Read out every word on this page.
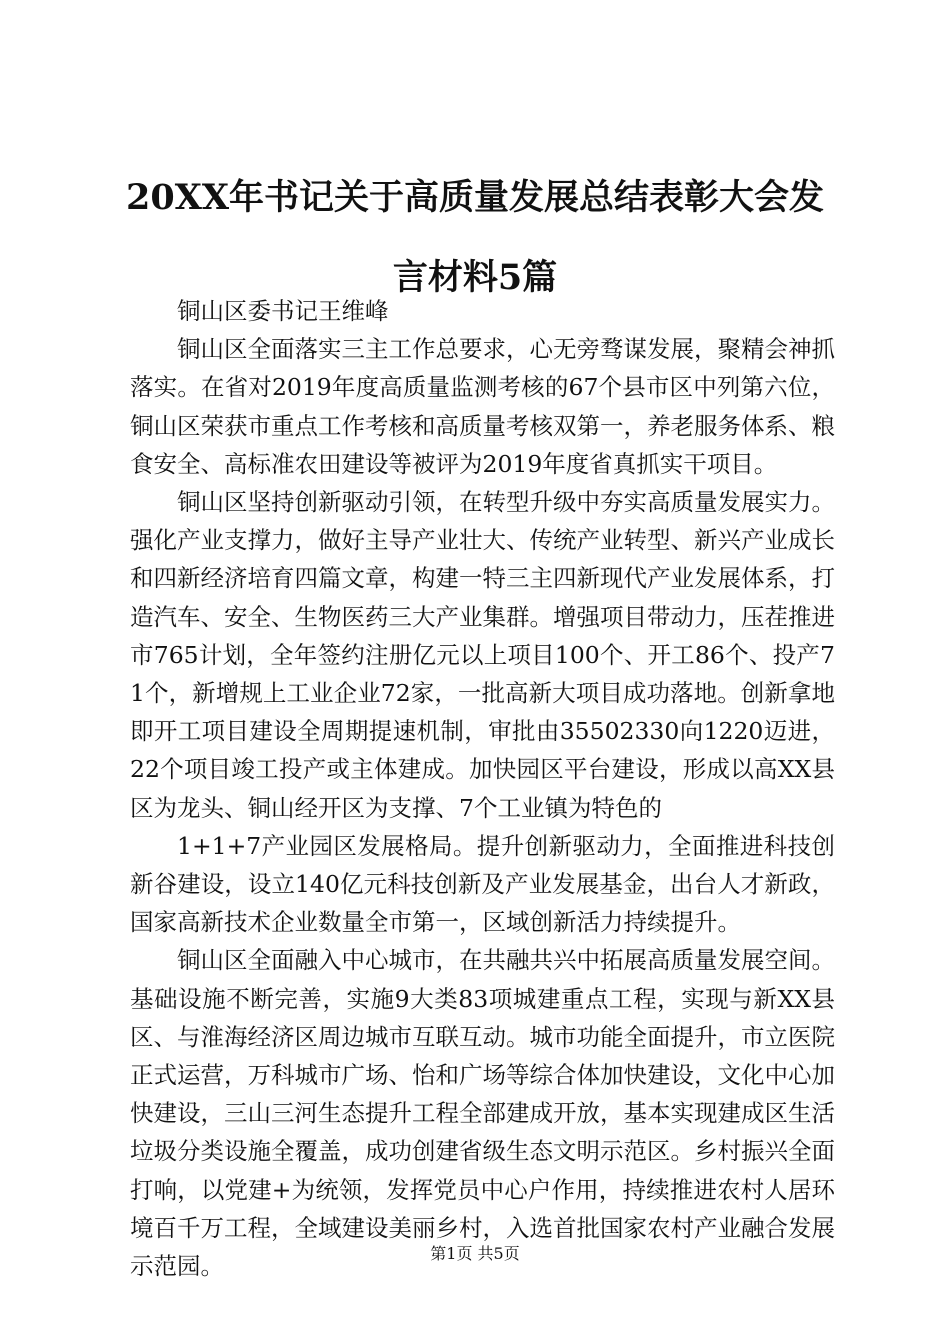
20XX年书记关于高质量发展总结表彰大会发
言材料5篇

铜山区委书记王维峰

铜山区全面落实三主工作总要求，心无旁骛谋发展，聚精会神抓落实。在省对2019年度高质量监测考核的67个县市区中列第六位，铜山区荣获市重点工作考核和高质量考核双第一，养老服务体系、粮食安全、高标准农田建设等被评为2019年度省真抓实干项目。

铜山区坚持创新驱动引领，在转型升级中夯实高质量发展实力。强化产业支撑力，做好主导产业壮大、传统产业转型、新兴产业成长和四新经济培育四篇文章，构建一特三主四新现代产业发展体系，打造汽车、安全、生物医药三大产业集群。增强项目带动力，压茬推进市765计划，全年签约注册亿元以上项目100个、开工86个、投产71个，新增规上工业企业72家，一批高新大项目成功落地。创新拿地即开工项目建设全周期提速机制，审批由35502330向1220迈进，22个项目竣工投产或主体建成。加快园区平台建设，形成以高XX县区为龙头、铜山经开区为支撑、7个工业镇为特色的

1+1+7产业园区发展格局。提升创新驱动力，全面推进科技创新谷建设，设立140亿元科技创新及产业发展基金，出台人才新政，国家高新技术企业数量全市第一，区域创新活力持续提升。

铜山区全面融入中心城市，在共融共兴中拓展高质量发展空间。基础设施不断完善，实施9大类83项城建重点工程，实现与新XX县区、与淮海经济区周边城市互联互动。城市功能全面提升，市立医院正式运营，万科城市广场、怡和广场等综合体加快建设，文化中心加快建设，三山三河生态提升工程全部建成开放，基本实现建成区生活垃圾分类设施全覆盖，成功创建省级生态文明示范区。乡村振兴全面打响，以党建+为统领，发挥党员中心户作用，持续推进农村人居环境百千万工程，全域建设美丽乡村，入选首批国家农村产业融合发展示范园。	第1页 共5页
